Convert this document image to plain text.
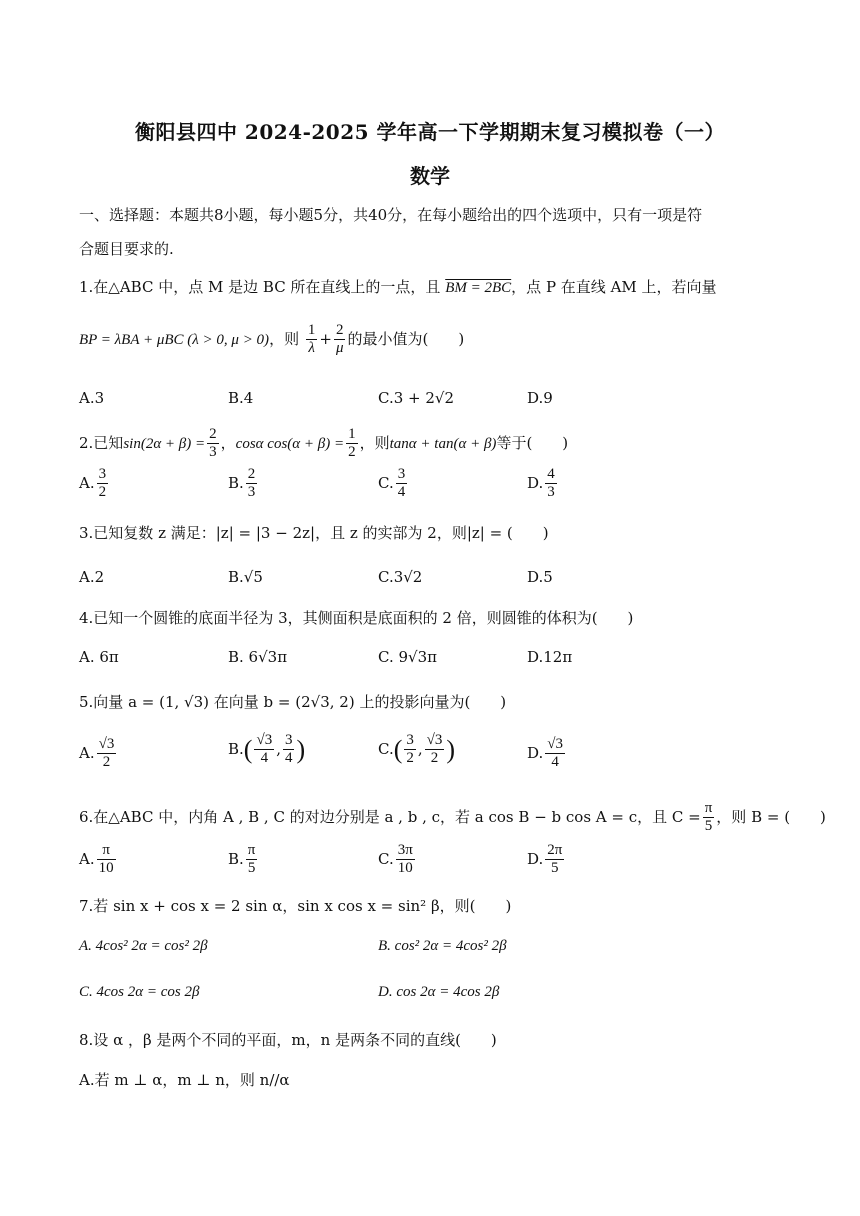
衡阳县四中 2024-2025 学年高一下学期期末复习模拟卷（一）
数学
一、选择题：本题共8小题，每小题5分，共40分，在每小题给出的四个选项中，只有一项是符
合题目要求的.
1.在△ABC 中，点 M 是边 BC 所在直线上的一点，且 BM = 2BC，点 P 在直线 AM 上，若向量
BP = λBA + μBC (λ > 0, μ > 0)，则 $\frac{1}{\lambda} + \frac{2}{\mu}$ 的最小值为(　　)
A.3	B.4	C.3 + 2√2	D.9
2.已知$\sin(2\alpha + \beta) = \frac{2}{3}$ ，cosα $\cos(\alpha + \beta) = \frac{1}{2}$ ，则tanα + tan(α + β)等于(　　)
A. $\frac{3}{2}$	B. $\frac{2}{3}$	C. $\frac{3}{4}$	D. $\frac{4}{3}$
3.已知复数 z 满足：|z| = |3 − 2z|，且 z 的实部为 2，则|z| = (　　)
A.2	B.√5	C.3√2	D.5
4.已知一个圆锥的底面半径为 3，其侧面积是底面积的 2 倍，则圆锥的体积为(　　)
A. 6π	B. 6√3π	C. 9√3π	D.12π
5.向量 a = (1, √3) 在向量 b = (2√3, 2) 上的投影向量为(　　)
A. $\frac{√3}{2}$	$B.( \frac{√3}{4}$ , $\frac{3}{4}$ )	$C.( \frac{3}{2}$ , $\frac{√3}{2}$ )	D. $\frac{√3}{4}$
6.在△ABC 中，内角 A , B , C 的对边分别是 a , b , c，若 a cos B − b cos A = c，且 $C = \frac{\pi}{5}$ ，则 B = (　　)
A. $\frac{\pi}{10}$	B. $\frac{\pi}{5}$	C. $\frac{3\pi}{10}$	D. $\frac{2\pi}{5}$
7.若 sin x + cos x = 2 sin α，sin x cos x = sin² β，则(　　)
A. 4cos² 2α = cos² 2β	B. cos² 2α = 4cos² 2β
C. 4cos 2α = cos 2β	D. cos 2α = 4cos 2β
8.设 α ，β 是两个不同的平面，m，n 是两条不同的直线(　　)
A.若 m ⊥ α，m ⊥ n，则 n//α
